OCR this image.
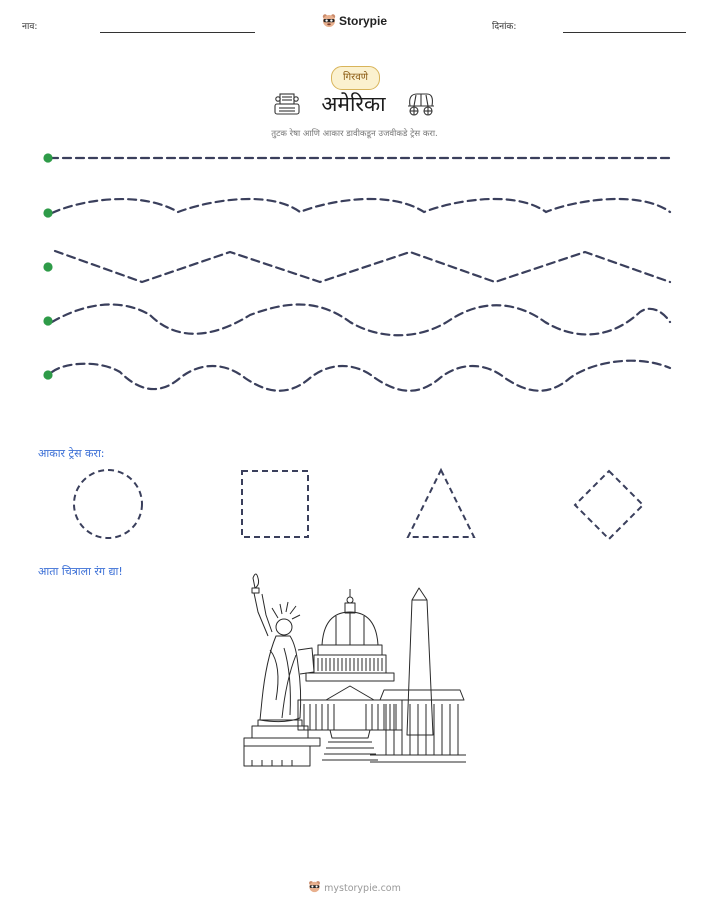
नाव:	Storypie	दिनांक:
गिरवणे
अमेरिका
तुटक रेषा आणि आकार डावीकडून उजवीकडे ट्रेस करा.
आकार ट्रेस करा:
आता चित्राला रंग द्या!
mystorypie.com
